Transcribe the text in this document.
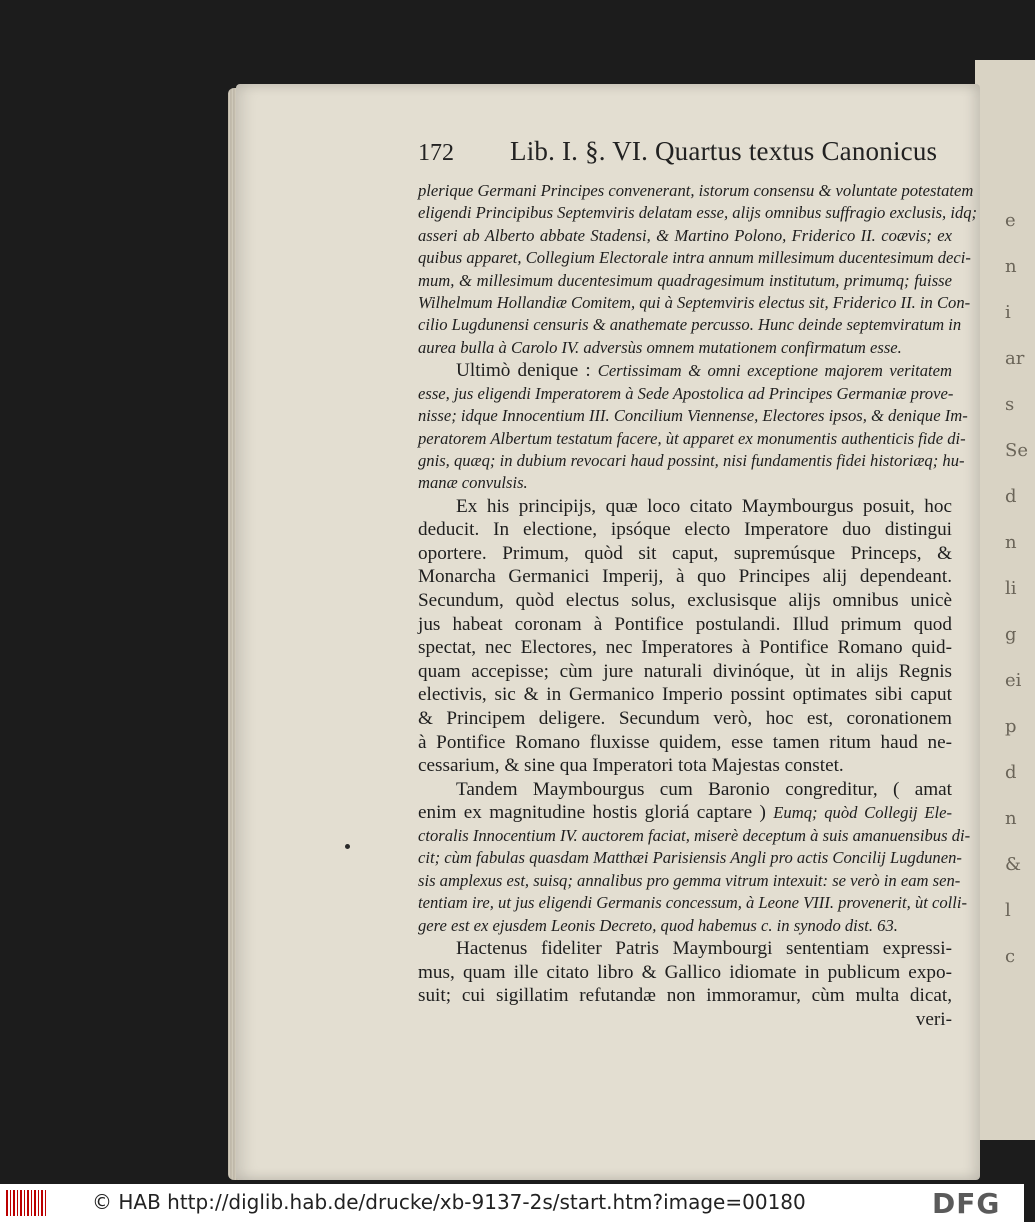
e
n
i
ar
s
Se
d
n
li
g
ei
p
d
n
&
l
c
172 Lib. I. §. VI. Quartus textus Canonicus
plerique Germani Principes convenerant, istorum consensu & voluntate potestatem
eligendi Principibus Septemviris delatam esse, alijs omnibus suffragio exclusis, idq;
asseri ab Alberto abbate Stadensi, & Martino Polono, Friderico II. coævis; ex
quibus apparet, Collegium Electorale intra annum millesimum ducentesimum deci-
mum, & millesimum ducentesimum quadragesimum institutum, primumq; fuisse
Wilhelmum Hollandiæ Comitem, qui à Septemviris electus sit, Friderico II. in Con-
cilio Lugdunensi censuris & anathemate percusso. Hunc deinde septemviratum in
aurea bulla à Carolo IV. adversùs omnem mutationem confirmatum esse.
Ultimò denique : Certissimam & omni exceptione majorem veritatem
esse, jus eligendi Imperatorem à Sede Apostolica ad Principes Germaniæ prove-
nisse; idque Innocentium III. Concilium Viennense, Electores ipsos, & denique Im-
peratorem Albertum testatum facere, ùt apparet ex monumentis authenticis fide di-
gnis, quæq; in dubium revocari haud possint, nisi fundamentis fidei historiæq; hu-
manæ convulsis.
Ex his principijs, quæ loco citato Maymbourgus posuit, hoc
deducit. In electione, ipsóque electo Imperatore duo distingui
oportere. Primum, quòd sit caput, supremúsque Princeps, &
Monarcha Germanici Imperij, à quo Principes alij dependeant.
Secundum, quòd electus solus, exclusisque alijs omnibus unicè
jus habeat coronam à Pontifice postulandi. Illud primum quod
spectat, nec Electores, nec Imperatores à Pontifice Romano quid-
quam accepisse; cùm jure naturali divinóque, ùt in alijs Regnis
electivis, sic & in Germanico Imperio possint optimates sibi caput
& Principem deligere. Secundum verò, hoc est, coronationem
à Pontifice Romano fluxisse quidem, esse tamen ritum haud ne-
cessarium, & sine qua Imperatori tota Majestas constet.
Tandem Maymbourgus cum Baronio congreditur, ( amat
enim ex magnitudine hostis gloriá captare ) Eumq; quòd Collegij Ele-
ctoralis Innocentium IV. auctorem faciat, miserè deceptum à suis amanuensibus di-
cit; cùm fabulas quasdam Matthæi Parisiensis Angli pro actis Concilij Lugdunen-
sis amplexus est, suisq; annalibus pro gemma vitrum intexuit: se verò in eam sen-
tentiam ire, ut jus eligendi Germanis concessum, à Leone VIII. provenerit, ùt colli-
gere est ex ejusdem Leonis Decreto, quod habemus c. in synodo dist. 63.
Hactenus fideliter Patris Maymbourgi sententiam expressi-
mus, quam ille citato libro & Gallico idiomate in publicum expo-
suit; cui sigillatim refutandæ non immoramur, cùm multa dicat,
veri-
© HAB http://diglib.hab.de/drucke/xb-9137-2s/start.htm?image=00180	DFG
